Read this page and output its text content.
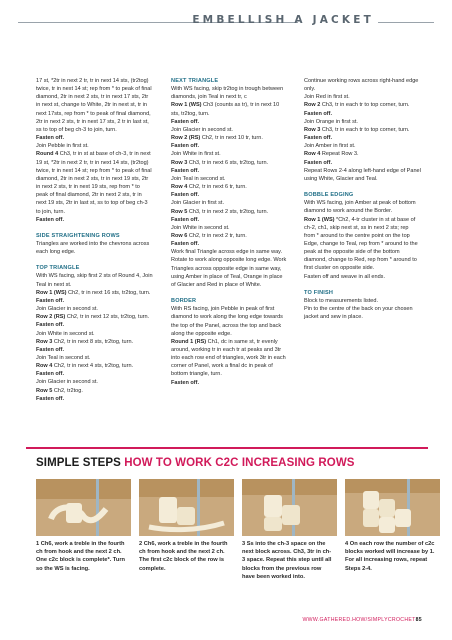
EMBELLISH A JACKET

17 st, *2tr in next 2 tr, tr in next 14 sts, (tr2tog) twice, tr in next 14 st; rep from * to peak of final diamond, 2tr in next 2 sts, tr in next 17 sts, 2tr in next st, change to White, 2tr in next st, tr in next 17sts, rep from * to peak of final diamond, 2tr in next 2 sts, tr in next 17 sts, 2 tr in last st, ss to top of beg ch-3 to join, turn.

Fasten off.

Join Pebble in first st.

Round 4 Ch3, tr in st at base of ch-3, tr in next 19 st, *2tr in next 2 tr, tr in next 14 sts, (tr2tog) twice, tr in next 14 st; rep from * to peak of final diamond, 2tr in next 2 sts, tr in next 19 sts, 2tr in next 2 sts, tr in next 19 sts, rep from * to peak of final diamond, 2tr in next 2 sts, tr in next 19 sts, 2tr in last st, ss to top of beg ch-3 to join, turn.

Fasten off.

SIDE STRAIGHTENING ROWS

Triangles are worked into the chevrons across each long edge.

TOP TRIANGLE

With WS facing, skip first 2 sts of Round 4, Join Teal in next st.

Row 1 (WS) Ch2, tr in next 16 sts, tr2tog, turn.

Fasten off.

Join Glacier in second st.

Row 2 (RS) Ch2, tr in next 12 sts, tr2tog, turn.

Fasten off.

Join White in second st.

Row 3 Ch2, tr in next 8 sts, tr2tog, turn.

Fasten off.

Join Teal in second st.

Row 4 Ch2, tr in next 4 sts, tr2tog, turn.

Fasten off.

Join Glacier in second st.

Row 5 Ch2, tr2tog.

Fasten off.

NEXT TRIANGLE

With WS facing, skip tr2tog in trough between diamonds, join Teal in next tr, c

Row 1 (WS) Ch3 (counts as tr), tr in next 10 sts, tr2tog, turn.

Fasten off.

Join Glacier in second st.

Row 2 (RS) Ch2, tr in next 10 tr, turn.

Fasten off.

Join White in first st.

Row 3 Ch3, tr in next 6 sts, tr2tog, turn.

Fasten off.

Join Teal in second st.

Row 4 Ch2, tr in next 6 tr, turn.

Fasten off.

Join Glacier in first st.

Row 5 Ch3, tr in next 2 sts, tr2tog, turn.

Fasten off.

Join White in second st.

Row 6 Ch2, tr in next 2 tr, turn.

Fasten off.

Work final Triangle across edge in same way. Rotate to work along opposite long edge. Work Triangles across opposite edge in same way, using Amber in place of Teal, Orange in place of Glacier and Red in place of White.

BORDER

With RS facing, join Pebble in peak of first diamond to work along the long edge towards the top of the Panel, across the top and back along the opposite edge.

Round 1 (RS) Ch1, dc in same st, tr evenly around, working tr in each tr at peaks and 3tr into each row end of triangles, work 3tr in each corner of Panel, work a final dc in peak of bottom triangle, turn.

Fasten off.

Continue working rows across right-hand edge only.

Join Red in first st.

Row 2 Ch3, tr in each tr to top corner, turn.

Fasten off.

Join Orange in first st.

Row 3 Ch3, tr in each tr to top corner, turn.

Fasten off.

Join Amber in first st.

Row 4 Repeat Row 3.

Fasten off.

Repeat Rows 2-4 along left-hand edge of Panel using White, Glacier and Teal.

BOBBLE EDGING

With WS facing, join Amber at peak of bottom diamond to work around the Border.

Row 1 (WS) *Ch2, 4-tr cluster in st at base of ch-2, ch1, skip next st, ss in next 2 sts; rep from * around to the centre point on the top Edge, change to Teal, rep from * around to the peak at the opposite side of the bottom diamond, change to Red, rep from * around to first cluster on opposite side.

Fasten off and weave in all ends.

TO FINISH

Block to measurements listed.

Pin to the centre of the back on your chosen jacket and sew in place.

SIMPLE STEPS HOW TO WORK C2C INCREASING ROWS
1 Ch6, work a treble in the fourth ch from hook and the next 2 ch. One c2c block is complete*. Turn so the WS is facing.
2 Ch6, work a treble in the fourth ch from hook and the next 2 ch. The first c2c block of the row is complete.
3 Ss into the ch-3 space on the next block across. Ch3, 3tr in ch-3 space. Repeat this step until all blocks from the previous row have been worked into.
4 On each row the number of c2c blocks worked will increase by 1. For all increasing rows, repeat Steps 2-4.
WWW.GATHERED.HOW/SIMPLYCROCHET85
